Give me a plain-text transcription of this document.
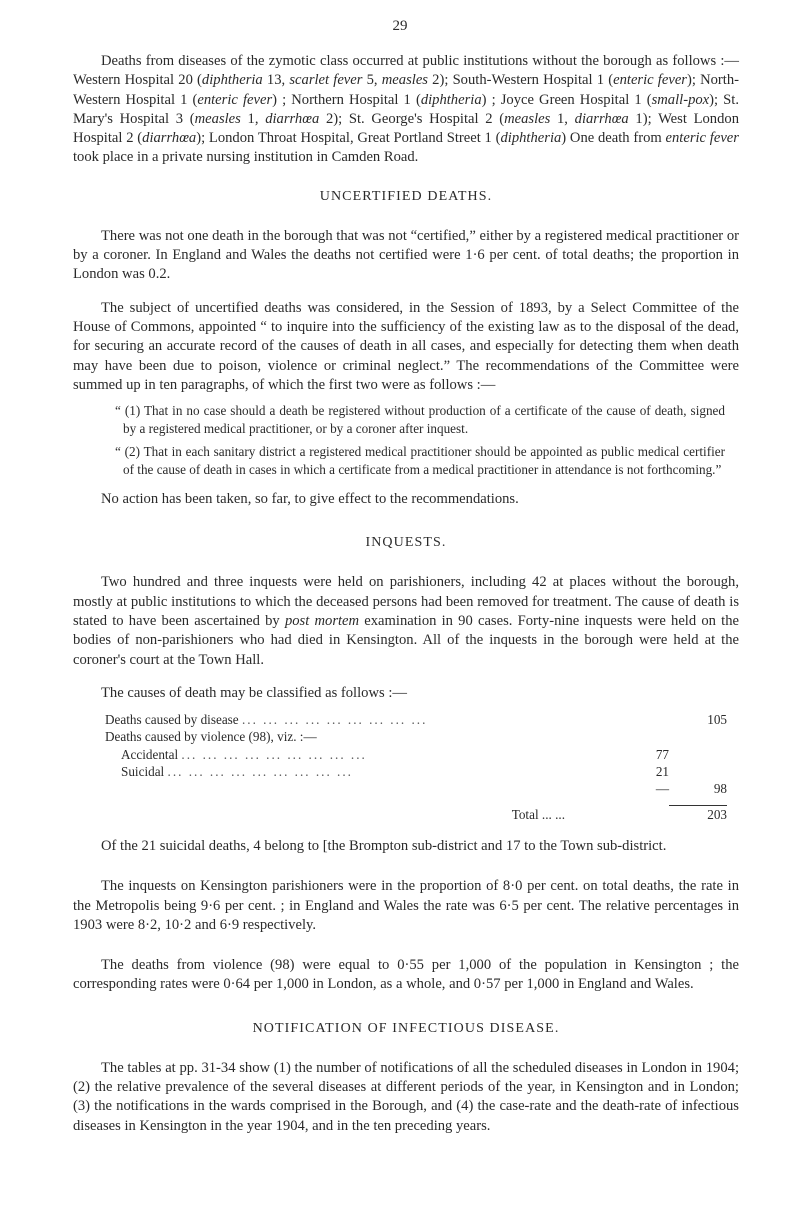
29

Deaths from diseases of the zymotic class occurred at public institutions without the borough as follows :—Western Hospital 20 (diphtheria 13, scarlet fever 5, measles 2); South-Western Hospital 1 (enteric fever); North-Western Hospital 1 (enteric fever) ; Northern Hospital 1 (diphtheria) ; Joyce Green Hospital 1 (small-pox); St. Mary's Hospital 3 (measles 1, diarrhœa 2); St. George's Hospital 2 (measles 1, diarrhœa 1); West London Hospital 2 (diarrhœa); London Throat Hospital, Great Portland Street 1 (diphtheria) One death from enteric fever took place in a private nursing institution in Camden Road.

UNCERTIFIED DEATHS.

There was not one death in the borough that was not “certified,” either by a registered medical practitioner or by a coroner. In England and Wales the deaths not certified were 1·6 per cent. of total deaths; the proportion in London was 0.2.

The subject of uncertified deaths was considered, in the Session of 1893, by a Select Committee of the House of Commons, appointed “ to inquire into the sufficiency of the existing law as to the disposal of the dead, for securing an accurate record of the causes of death in all cases, and especially for detecting them when death may have been due to poison, violence or criminal neglect.” The recommendations of the Committee were summed up in ten paragraphs, of which the first two were as follows :—

“ (1) That in no case should a death be registered without production of a certificate of the cause of death, signed by a registered medical practitioner, or by a coroner after inquest.
“ (2) That in each sanitary district a registered medical practitioner should be appointed as public medical certifier of the cause of death in cases in which a certificate from a medical practitioner in attendance is not forthcoming.”

No action has been taken, so far, to give effect to the recommendations.

INQUESTS.

Two hundred and three inquests were held on parishioners, including 42 at places without the borough, mostly at public institutions to which the deceased persons had been removed for treatment. The cause of death is stated to have been ascertained by post mortem examination in 90 cases. Forty-nine inquests were held on the bodies of non-parishioners who had died in Kensington. All of the inquests in the borough were held at the coroner's court at the Town Hall.

The causes of death may be classified as follows :—

Deaths caused by disease ... ... ... ... ... ... ... ... ...		105
Deaths caused by violence (98), viz. :—		
Accidental ... ... ... ... ... ... ... ... ...	77	
Suicidal ... ... ... ... ... ... ... ... ...	21	
	—	98

Total ... ...		203

Of the 21 suicidal deaths, 4 belong to [the Brompton sub-district and 17 to the Town sub-district.

The inquests on Kensington parishioners were in the proportion of 8·0 per cent. on total deaths, the rate in the Metropolis being 9·6 per cent. ; in England and Wales the rate was 6·5 per cent. The relative percentages in 1903 were 8·2, 10·2 and 6·9 respectively.

The deaths from violence (98) were equal to 0·55 per 1,000 of the population in Kensington ; the corresponding rates were 0·64 per 1,000 in London, as a whole, and 0·57 per 1,000 in England and Wales.

NOTIFICATION OF INFECTIOUS DISEASE.

The tables at pp. 31-34 show (1) the number of notifications of all the scheduled diseases in London in 1904; (2) the relative prevalence of the several diseases at different periods of the year, in Kensington and in London; (3) the notifications in the wards comprised in the Borough, and (4) the case-rate and the death-rate of infectious diseases in Kensington in the year 1904, and in the ten preceding years.
